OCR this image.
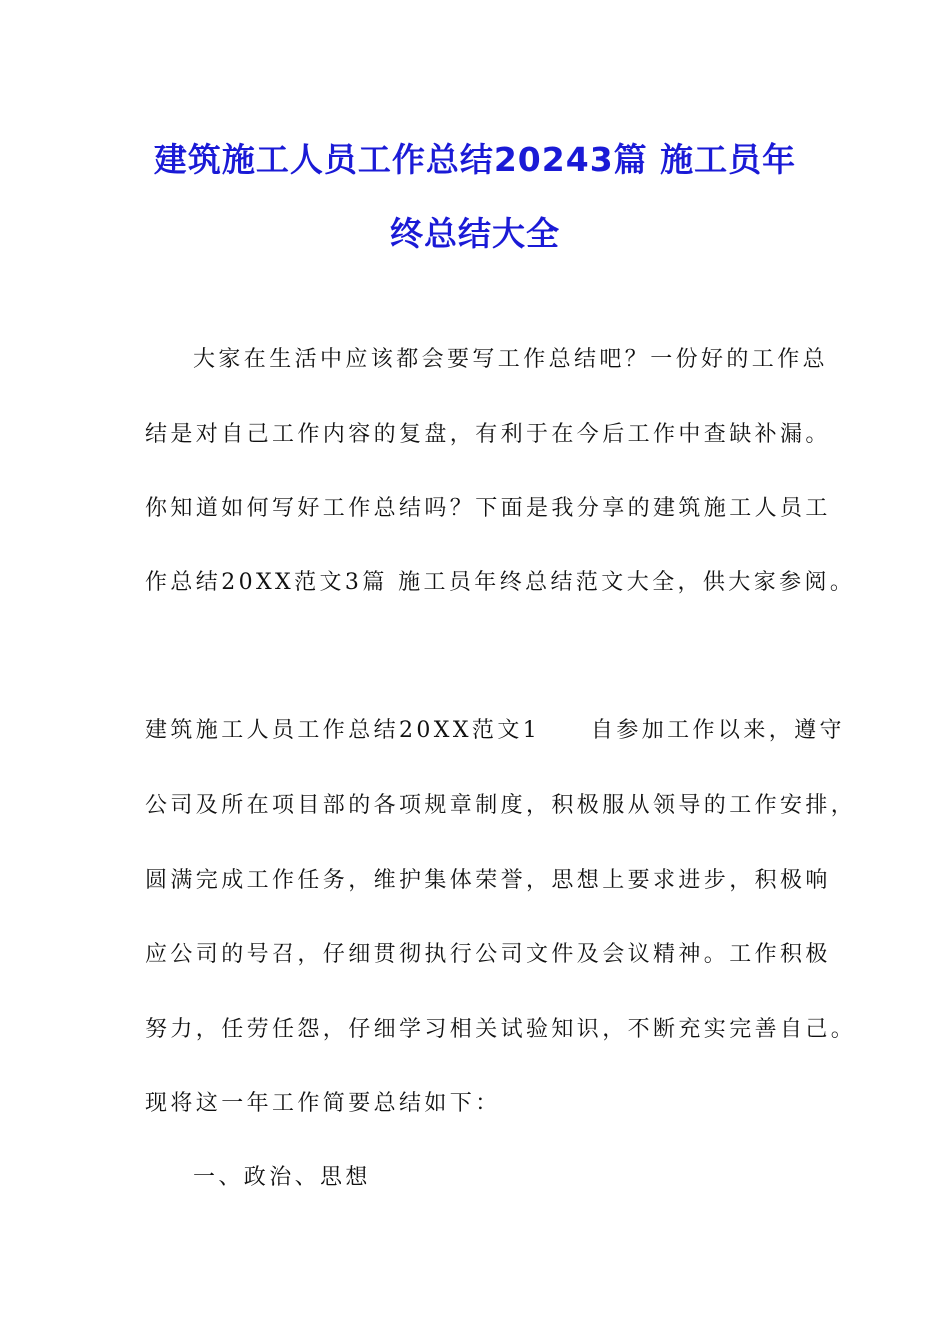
建筑施工人员工作总结20243篇 施工员年
终总结大全
大家在生活中应该都会要写工作总结吧？一份好的工作总
结是对自己工作内容的复盘，有利于在今后工作中查缺补漏。
你知道如何写好工作总结吗？下面是我分享的建筑施工人员工
作总结20XX范文3篇 施工员年终总结范文大全，供大家参阅。
建筑施工人员工作总结20XX范文1　　自参加工作以来，遵守
公司及所在项目部的各项规章制度，积极服从领导的工作安排，
圆满完成工作任务，维护集体荣誉，思想上要求进步，积极响
应公司的号召，仔细贯彻执行公司文件及会议精神。工作积极
努力，任劳任怨，仔细学习相关试验知识，不断充实完善自己。
现将这一年工作简要总结如下：
一、政治、思想
